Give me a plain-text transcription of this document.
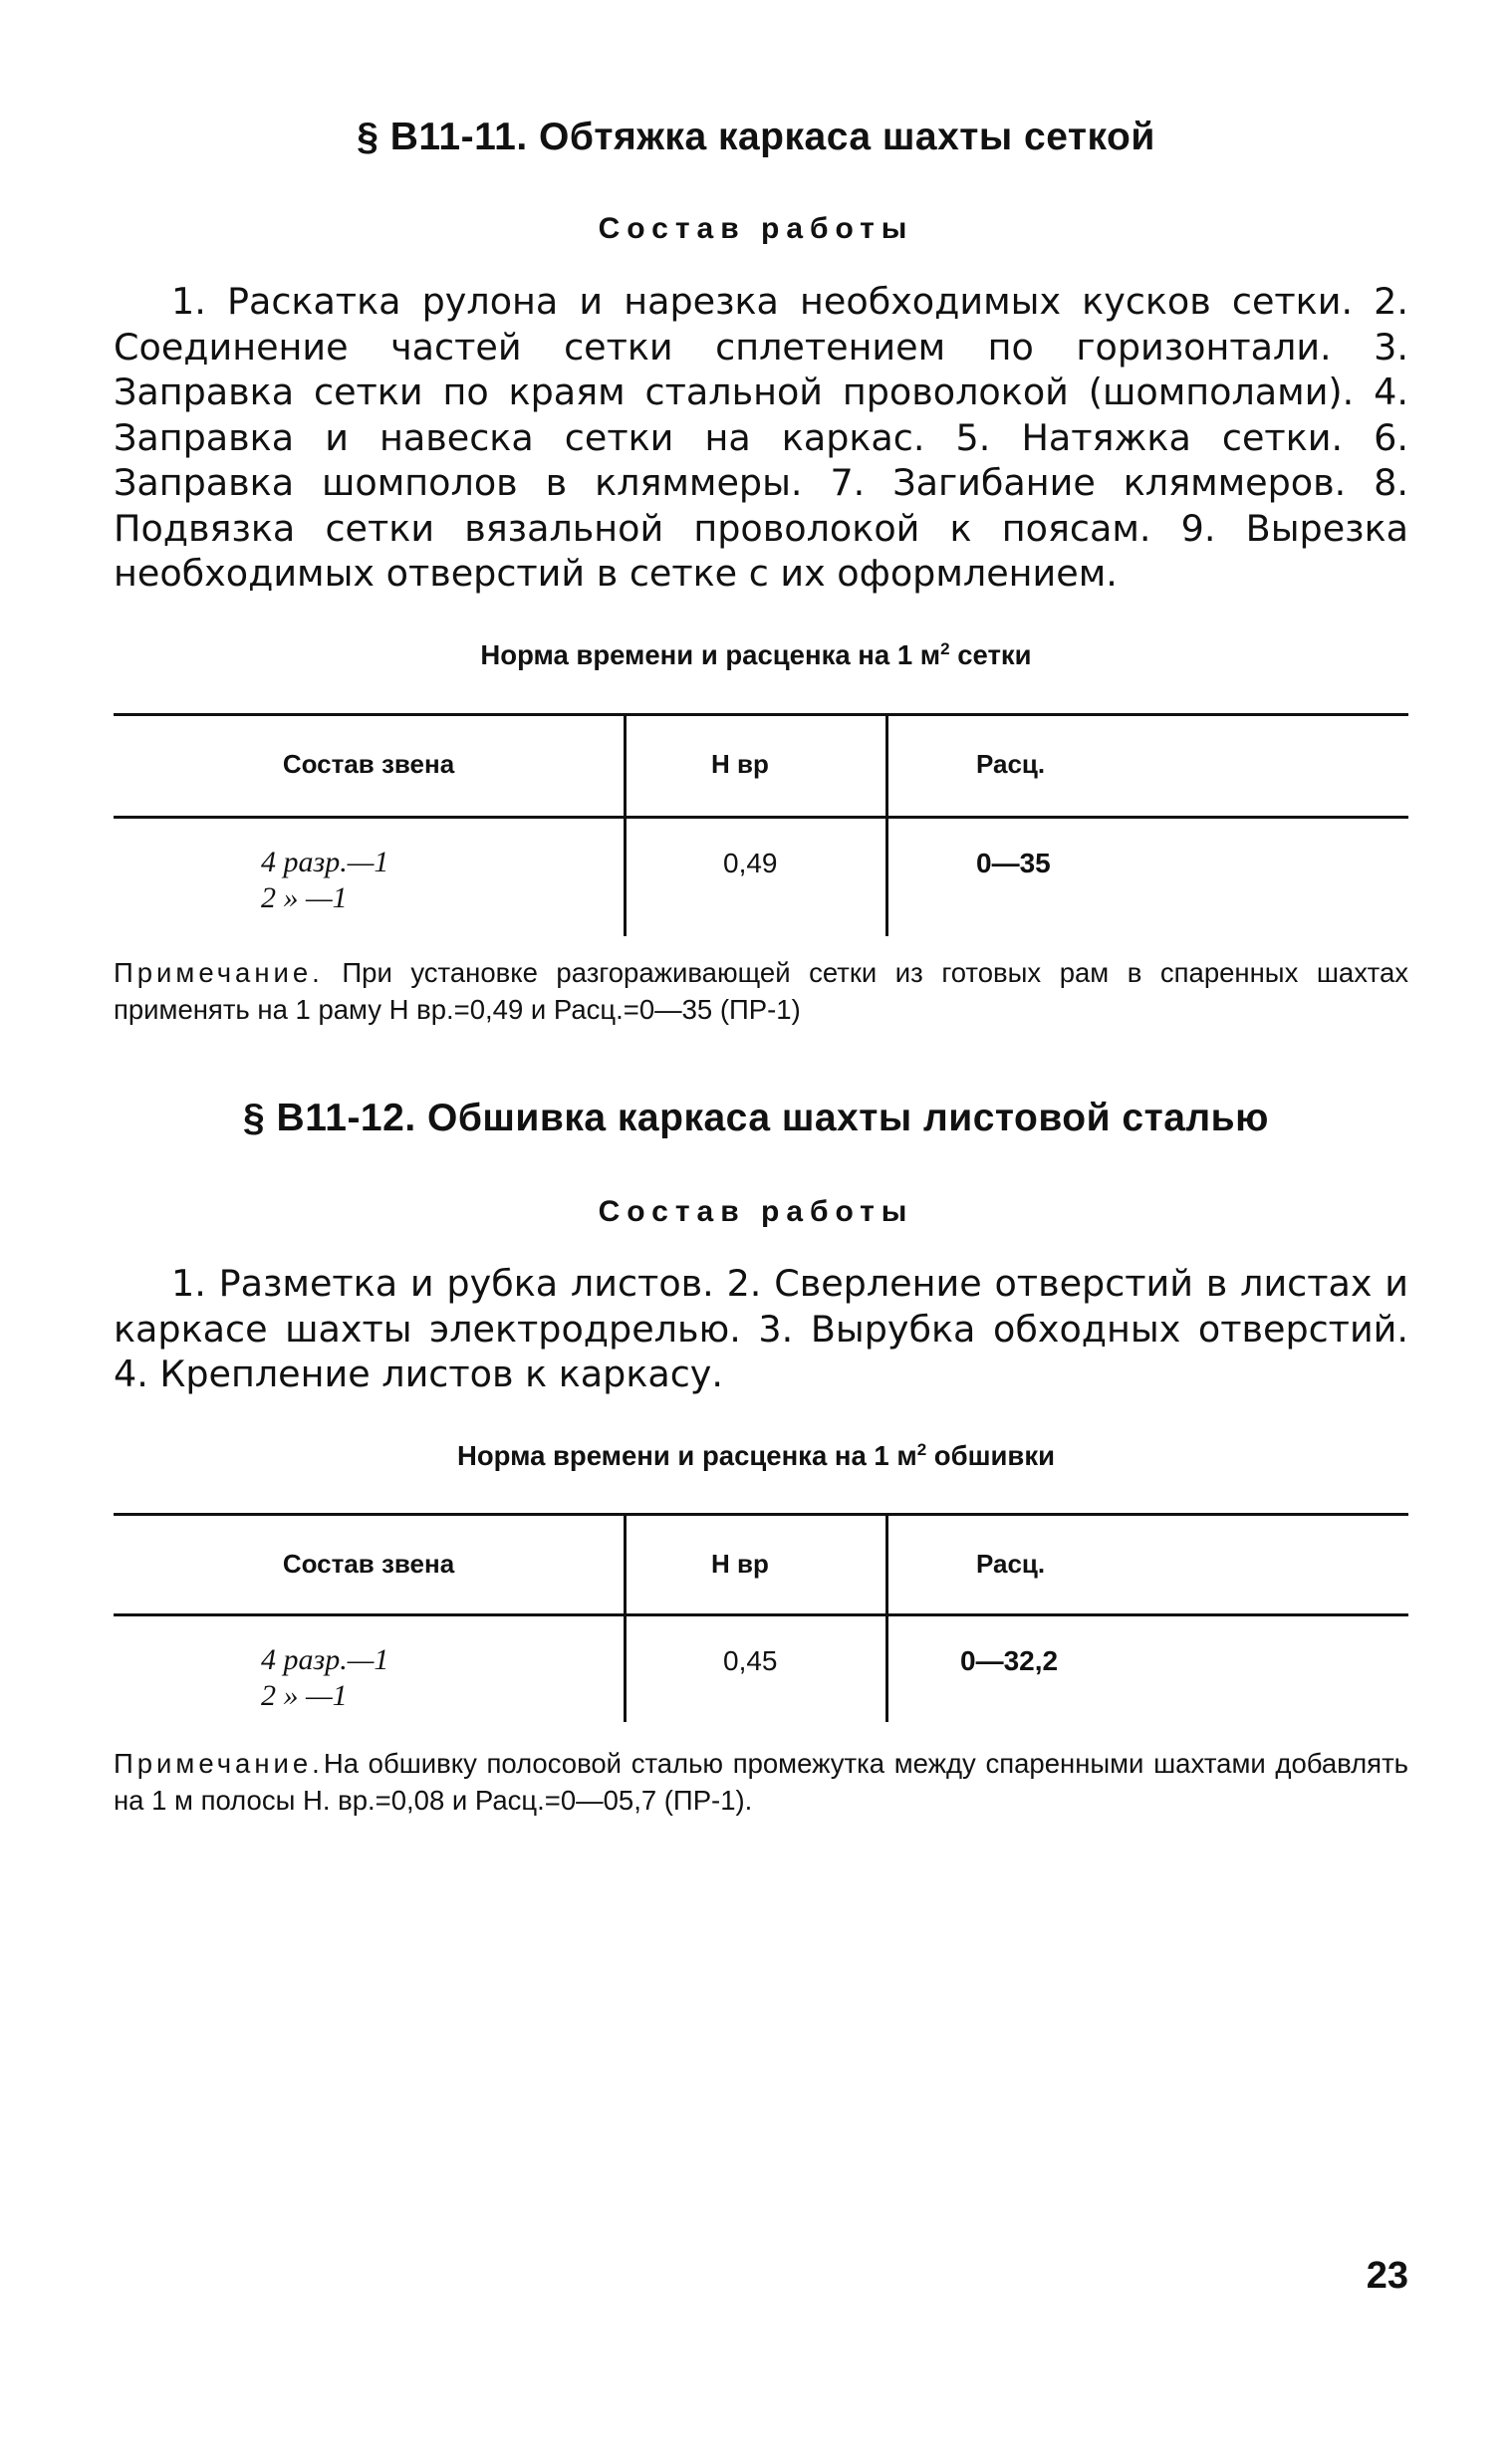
§ В11-11. Обтяжка каркаса шахты сеткой
Состав работы
1. Раскатка рулона и нарезка необходимых кусков сетки. 2. Соединение частей сетки сплетением по горизонтали. 3. Заправка сетки по краям стальной проволокой (шомполами). 4. Заправка и навеска сетки на каркас. 5. Натяжка сетки. 6. Заправка шомполов в кляммеры. 7. Загибание кляммеров. 8. Подвязка сетки вязальной проволокой к поясам. 9. Вырезка необходимых отверстий в сетке с их оформлением.
Норма времени и расценка на 1 $м^2$ сетки
Состав звена	Н вр	Расц.
4 разр.—1
2 » —1
0,49	0—35
Примечание. При установке разгораживающей сетки из готовых рам в спаренных шахтах применять на 1 раму Н вр.=0,49 и Расц.=0—35 (ПР-1)
§ В11-12. Обшивка каркаса шахты листовой сталью
Состав работы
1. Разметка и рубка листов. 2. Сверление отверстий в листах и каркасе шахты электродрелью. 3. Вырубка обходных отверстий. 4. Крепление листов к каркасу.
Норма времени и расценка на 1 $м^2$ обшивки
Состав звена	Н вр	Расц.
4 разр.—1
2 » —1
0,45	0—32,2
Примечание.На обшивку полосовой сталью промежутка между спаренными шахтами добавлять на 1 м полосы Н. вр.=0,08 и Расц.=0—05,7 (ПР-1).
23
